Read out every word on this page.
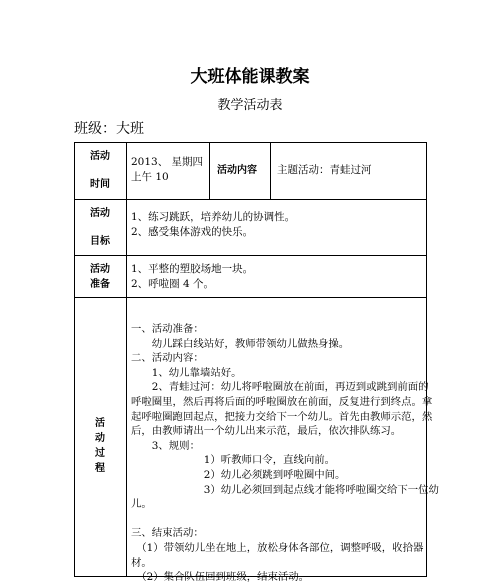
大班体能课教案
教学活动表
班级：大班
活动
时间
2013、 星期四
上午 10
活动内容 主题活动：青蛙过河
活动
目标
1、练习跳跃，培养幼儿的协调性。
2、感受集体游戏的快乐。
活动
准备
1、平整的塑胶场地一块。
2、呼啦圈 4 个。
活
动
过
程
一、活动准备：
　　幼儿踩白线站好，教师带领幼儿做热身操。
二、活动内容：
　　1、幼儿靠墙站好。
　　2、青蛙过河：幼儿将呼啦圈放在前面，再迈到或跳到前面的
呼啦圈里，然后再将后面的呼啦圈放在前面，反复进行到终点。拿
起呼啦圈跑回起点，把接力交给下一个幼儿。首先由教师示范，然
后，由教师请出一个幼儿出来示范，最后，依次排队练习。
　　3、规则：
　　　　　　　1）听教师口令，直线向前。
　　　　　　　2）幼儿必须跳到呼啦圈中间。
　　　　　　　3）幼儿必须回到起点线才能将呼啦圈交给下一位幼
儿。
三、结束活动：
　（1）带领幼儿坐在地上，放松身体各部位，调整呼吸，收拾器
材。
　（2）集合队伍回到班级，结束活动。
